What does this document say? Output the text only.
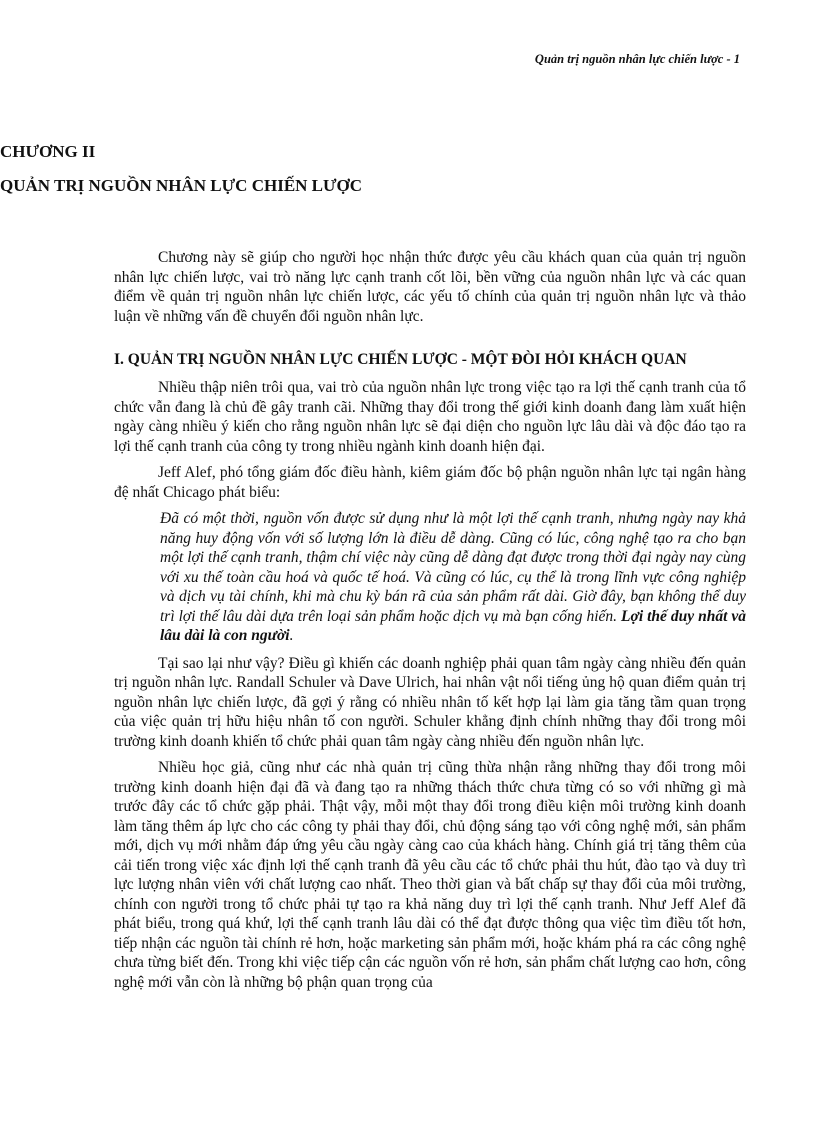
Quản trị nguồn nhân lực chiến lược - 1

CHƯƠNG II

QUẢN TRỊ NGUỒN NHÂN LỰC CHIẾN LƯỢC

Chương này sẽ giúp cho người học nhận thức được yêu cầu khách quan của quản trị nguồn nhân lực chiến lược, vai trò năng lực cạnh tranh cốt lõi, bền vững của nguồn nhân lực và các quan điểm về quản trị nguồn nhân lực chiến lược, các yếu tố chính của quản trị nguồn nhân lực và thảo luận về những vấn đề chuyển đổi nguồn nhân lực.

I. QUẢN TRỊ NGUỒN NHÂN LỰC CHIẾN LƯỢC - MỘT ĐÒI HỎI KHÁCH QUAN

Nhiều thập niên trôi qua, vai trò của nguồn nhân lực trong việc tạo ra lợi thế cạnh tranh của tổ chức vẫn đang là chủ đề gây tranh cãi. Những thay đổi trong thế giới kinh doanh đang làm xuất hiện ngày càng nhiều ý kiến cho rằng nguồn nhân lực sẽ đại diện cho nguồn lực lâu dài và độc đáo tạo ra lợi thế cạnh tranh của công ty trong nhiều ngành kinh doanh hiện đại.

Jeff Alef, phó tổng giám đốc điều hành, kiêm giám đốc bộ phận nguồn nhân lực tại ngân hàng đệ nhất Chicago phát biểu:

Đã có một thời, nguồn vốn được sử dụng như là một lợi thế cạnh tranh, nhưng ngày nay khả năng huy động vốn với số lượng lớn là điều dễ dàng. Cũng có lúc, công nghệ tạo ra cho bạn một lợi thế cạnh tranh, thậm chí việc này cũng dễ dàng đạt được trong thời đại ngày nay cùng với xu thế toàn cầu hoá và quốc tế hoá. Và cũng có lúc, cụ thể là trong lĩnh vực công nghiệp và dịch vụ tài chính, khi mà chu kỳ bán rã của sản phẩm rất dài. Giờ đây, bạn không thể duy trì lợi thế lâu dài dựa trên loại sản phẩm hoặc dịch vụ mà bạn cống hiến. Lợi thế duy nhất và lâu dài là con người.

Tại sao lại như vậy? Điều gì khiến các doanh nghiệp phải quan tâm ngày càng nhiều đến quản trị nguồn nhân lực. Randall Schuler và Dave Ulrich, hai nhân vật nổi tiếng ủng hộ quan điểm quản trị nguồn nhân lực chiến lược, đã gợi ý rằng có nhiều nhân tố kết hợp lại làm gia tăng tầm quan trọng của việc quản trị hữu hiệu nhân tố con người. Schuler khẳng định chính những thay đổi trong môi trường kinh doanh khiến tổ chức phải quan tâm ngày càng nhiều đến nguồn nhân lực.

Nhiều học giả, cũng như các nhà quản trị cũng thừa nhận rằng những thay đổi trong môi trường kinh doanh hiện đại đã và đang tạo ra những thách thức chưa từng có so với những gì mà trước đây các tổ chức gặp phải. Thật vậy, mỗi một thay đổi trong điều kiện môi trường kinh doanh làm tăng thêm áp lực cho các công ty phải thay đổi, chủ động sáng tạo với công nghệ mới, sản phẩm mới, dịch vụ mới nhằm đáp ứng yêu cầu ngày càng cao của khách hàng. Chính giá trị tăng thêm của cải tiến trong việc xác định lợi thế cạnh tranh đã yêu cầu các tổ chức phải thu hút, đào tạo và duy trì lực lượng nhân viên với chất lượng cao nhất. Theo thời gian và bất chấp sự thay đổi của môi trường, chính con người trong tổ chức phải tự tạo ra khả năng duy trì lợi thế cạnh tranh. Như Jeff Alef đã phát biểu, trong quá khứ, lợi thế cạnh tranh lâu dài có thể đạt được thông qua việc tìm điều tốt hơn, tiếp nhận các nguồn tài chính rẻ hơn, hoặc marketing sản phẩm mới, hoặc khám phá ra các công nghệ chưa từng biết đến. Trong khi việc tiếp cận các nguồn vốn rẻ hơn, sản phẩm chất lượng cao hơn, công nghệ mới vẫn còn là những bộ phận quan trọng của
